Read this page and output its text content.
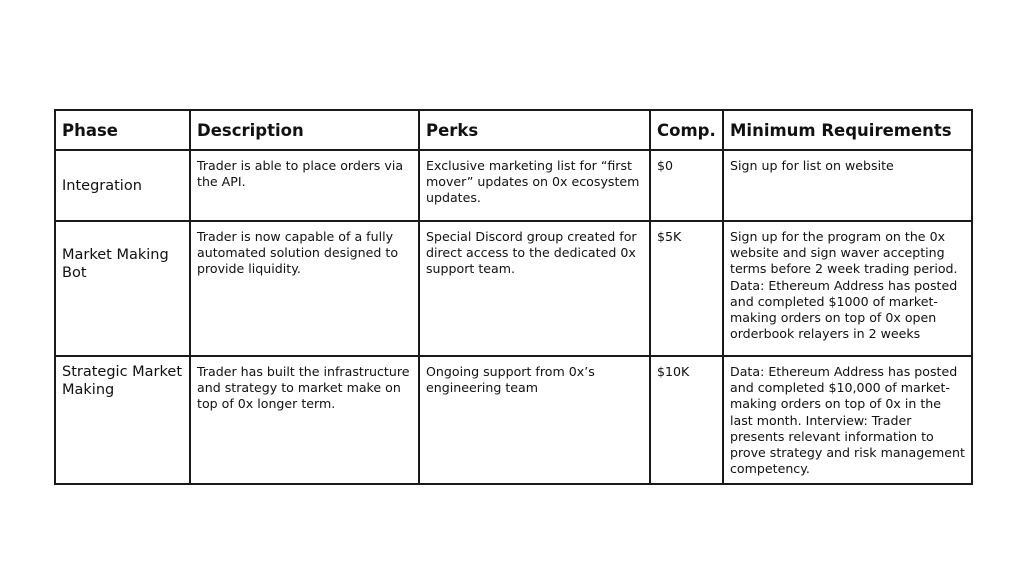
Phase	Description	Perks	Comp.	Minimum Requirements
Integration	Trader is able to place orders via the API.	Exclusive marketing list for “first mover” updates on 0x ecosystem updates.	$0	Sign up for list on website
Market Making Bot	Trader is now capable of a fully automated solution designed to provide liquidity.	Special Discord group created for direct access to the dedicated 0x support team.	$5K	Sign up for the program on the 0x website and sign waver accepting terms before 2 week trading period. Data: Ethereum Address has posted and completed $1000 of market-making orders on top of 0x open orderbook relayers in 2 weeks
Strategic Market Making	Trader has built the infrastructure and strategy to market make on top of 0x longer term.	Ongoing support from 0x’s engineering team	$10K	Data: Ethereum Address has posted and completed $10,000 of market-making orders on top of 0x in the last month. Interview: Trader presents relevant information to prove strategy and risk management competency.
